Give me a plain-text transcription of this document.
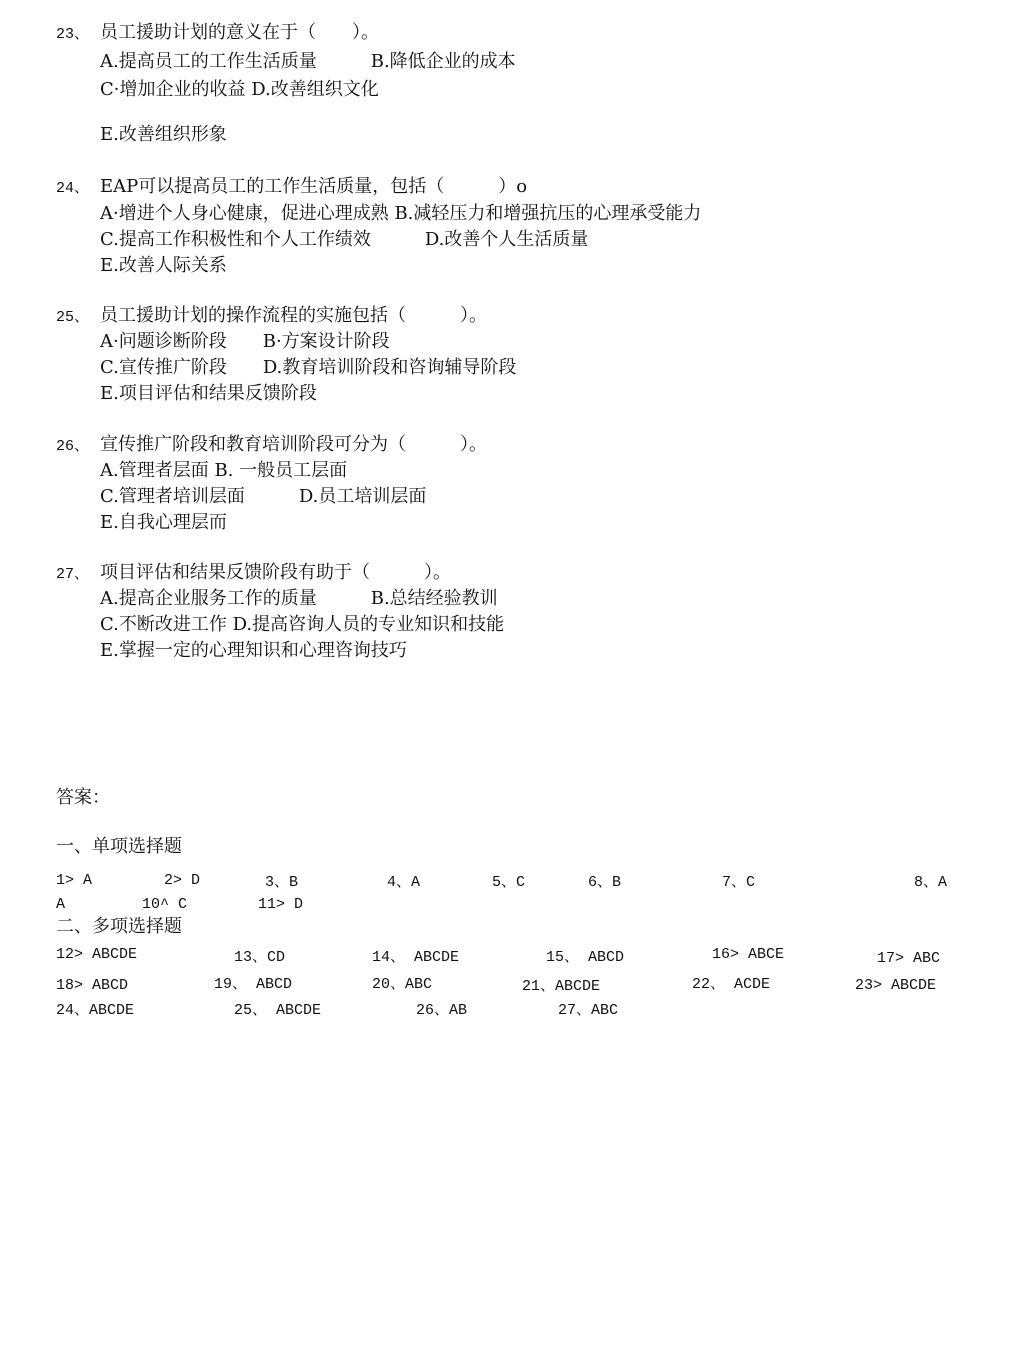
23、 员工援助计划的意义在于（　　）。
A.提高员工的工作生活质量　　　B.降低企业的成本
C·增加企业的收益 D.改善组织文化
E.改善组织形象
24、 EAP可以提高员工的工作生活质量，包括（　　　）o
A·增进个人身心健康，促进心理成熟 B.减轻压力和增强抗压的心理承受能力
C.提高工作积极性和个人工作绩效　　　D.改善个人生活质量
E.改善人际关系
25、 员工援助计划的操作流程的实施包括（　　　）。
A·问题诊断阶段　　B·方案设计阶段
C.宣传推广阶段　　D.教育培训阶段和咨询辅导阶段
E.项目评估和结果反馈阶段
26、 宣传推广阶段和教育培训阶段可分为（　　　）。
A.管理者层面 B. 一般员工层面
C.管理者培训层面　　　D.员工培训层面
E.自我心理层而
27、 项目评估和结果反馈阶段有助于（　　　）。
A.提高企业服务工作的质量　　　B.总结经验教训
C.不断改进工作 D.提高咨询人员的专业知识和技能
E.掌握一定的心理知识和心理咨询技巧
答案：
一、单项选择题
1> A	2> D	3、B	4、A	5、C	6、B	7、C	8、A
A	10^ C	11> D
二、多项选择题
12> ABCDE	13、CD	14、 ABCDE	15、 ABCD	16> ABCE	17> ABC
18> ABCD	19、 ABCD	20、ABC	21、ABCDE	22、 ACDE	23> ABCDE
24、ABCDE	25、 ABCDE	26、AB	27、ABC
